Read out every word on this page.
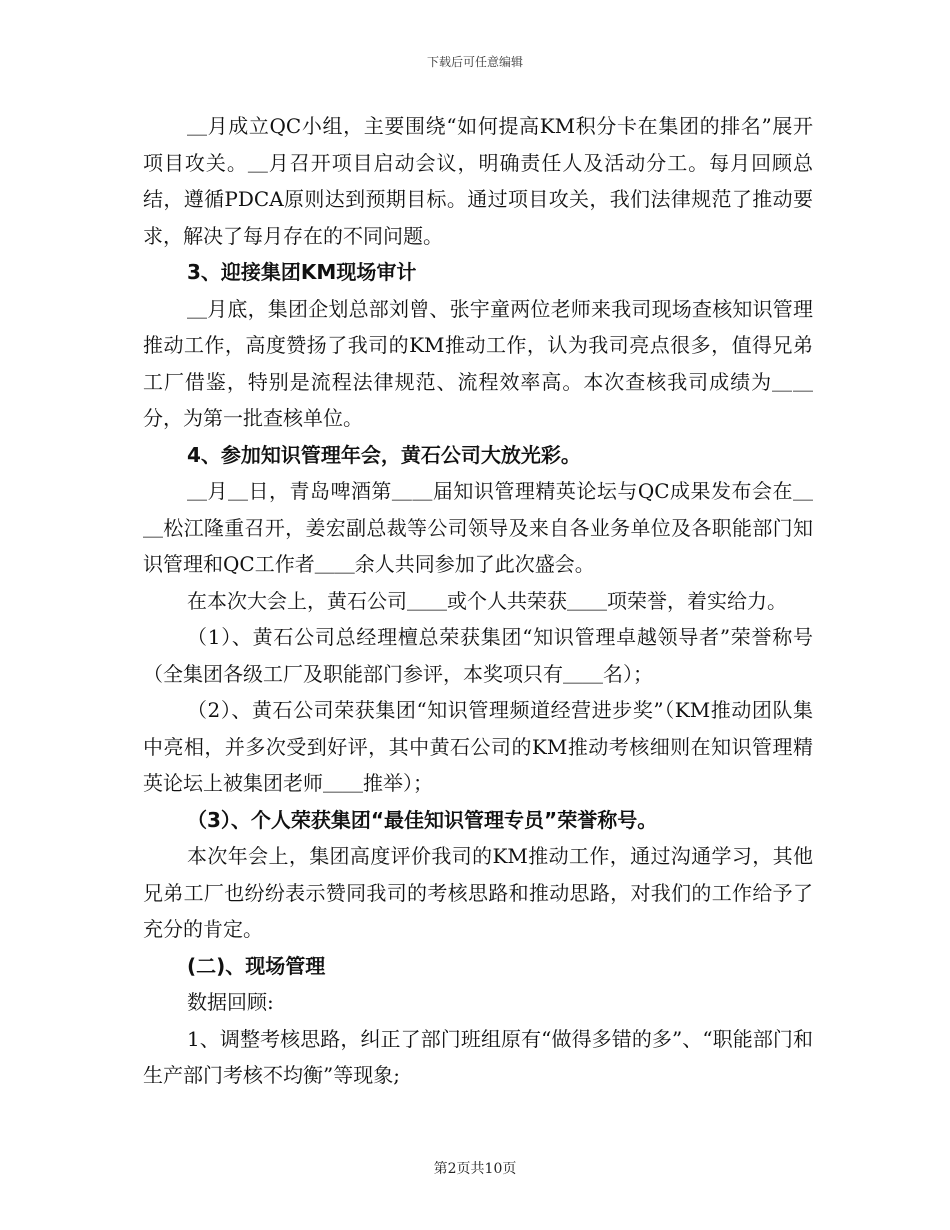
下载后可任意编辑

＿月成立QC小组，主要围绕“如何提高KM积分卡在集团的排名”展开项目攻关。＿月召开项目启动会议，明确责任人及活动分工。每月回顾总结，遵循PDCA原则达到预期目标。通过项目攻关，我们法律规范了推动要求，解决了每月存在的不同问题。

3、迎接集团KM现场审计

＿月底，集团企划总部刘曾、张宇童两位老师来我司现场查核知识管理推动工作，高度赞扬了我司的KM推动工作，认为我司亮点很多，值得兄弟工厂借鉴，特别是流程法律规范、流程效率高。本次查核我司成绩为＿＿分，为第一批查核单位。

4、参加知识管理年会，黄石公司大放光彩。

＿月＿日，青岛啤酒第＿＿届知识管理精英论坛与QC成果发布会在＿＿松江隆重召开，姜宏副总裁等公司领导及来自各业务单位及各职能部门知识管理和QC工作者＿＿余人共同参加了此次盛会。

在本次大会上，黄石公司＿＿或个人共荣获＿＿项荣誉，着实给力。

（1）、黄石公司总经理檀总荣获集团“知识管理卓越领导者”荣誉称号（全集团各级工厂及职能部门参评，本奖项只有＿＿名）；

（2）、黄石公司荣获集团“知识管理频道经营进步奖”（KM推动团队集中亮相，并多次受到好评，其中黄石公司的KM推动考核细则在知识管理精英论坛上被集团老师＿＿推举）；

（3）、个人荣获集团“最佳知识管理专员”荣誉称号。

本次年会上，集团高度评价我司的KM推动工作，通过沟通学习，其他兄弟工厂也纷纷表示赞同我司的考核思路和推动思路，对我们的工作给予了充分的肯定。

(二)、现场管理

数据回顾:

1、调整考核思路，纠正了部门班组原有“做得多错的多”、“职能部门和生产部门考核不均衡”等现象;

第2页共10页
